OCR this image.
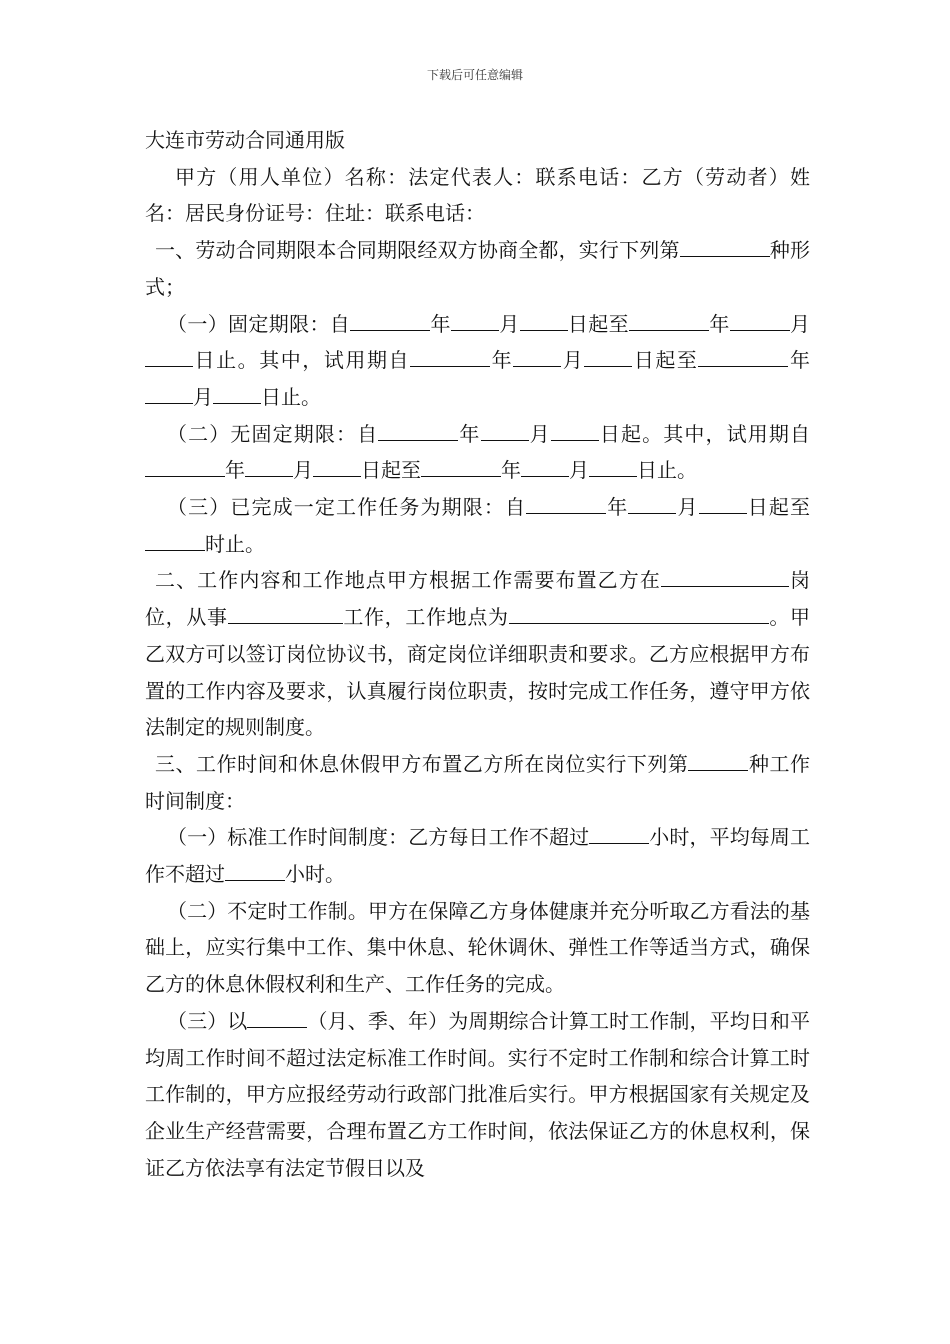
下载后可任意编辑

大连市劳动合同通用版

甲方（用人单位）名称：法定代表人：联系电话：乙方（劳动者）姓名：居民身份证号：住址：联系电话：

一、劳动合同期限本合同期限经双方协商全都，实行下列第	种形式；

（一）固定期限：自	年 月 日起至	年	月日止。其中，试用期自	年 月 日起至	年月 日止。

（二）无固定期限：自	年 月 日起。其中，试用期自年 月 日起至	年 月 日止。

（三）已完成一定工作任务为期限：自	年 月 日起至时止。

二、工作内容和工作地点甲方根据工作需要布置乙方在	岗位，从事	工作，工作地点为	。甲乙双方可以签订岗位协议书，商定岗位详细职责和要求。乙方应根据甲方布置的工作内容及要求，认真履行岗位职责，按时完成工作任务，遵守甲方依法制定的规则制度。

三、工作时间和休息休假甲方布置乙方所在岗位实行下列第	种工作时间制度：

（一）标准工作时间制度：乙方每日工作不超过	小时，平均每周工作不超过	小时。

（二）不定时工作制。甲方在保障乙方身体健康并充分听取乙方看法的基础上，应实行集中工作、集中休息、轮休调休、弹性工作等适当方式，确保乙方的休息休假权利和生产、工作任务的完成。

（三）以	（月、季、年）为周期综合计算工时工作制，平均日和平均周工作时间不超过法定标准工作时间。实行不定时工作制和综合计算工时工作制的，甲方应报经劳动行政部门批准后实行。甲方根据国家有关规定及企业生产经营需要，合理布置乙方工作时间，依法保证乙方的休息权利，保证乙方依法享有法定节假日以及
